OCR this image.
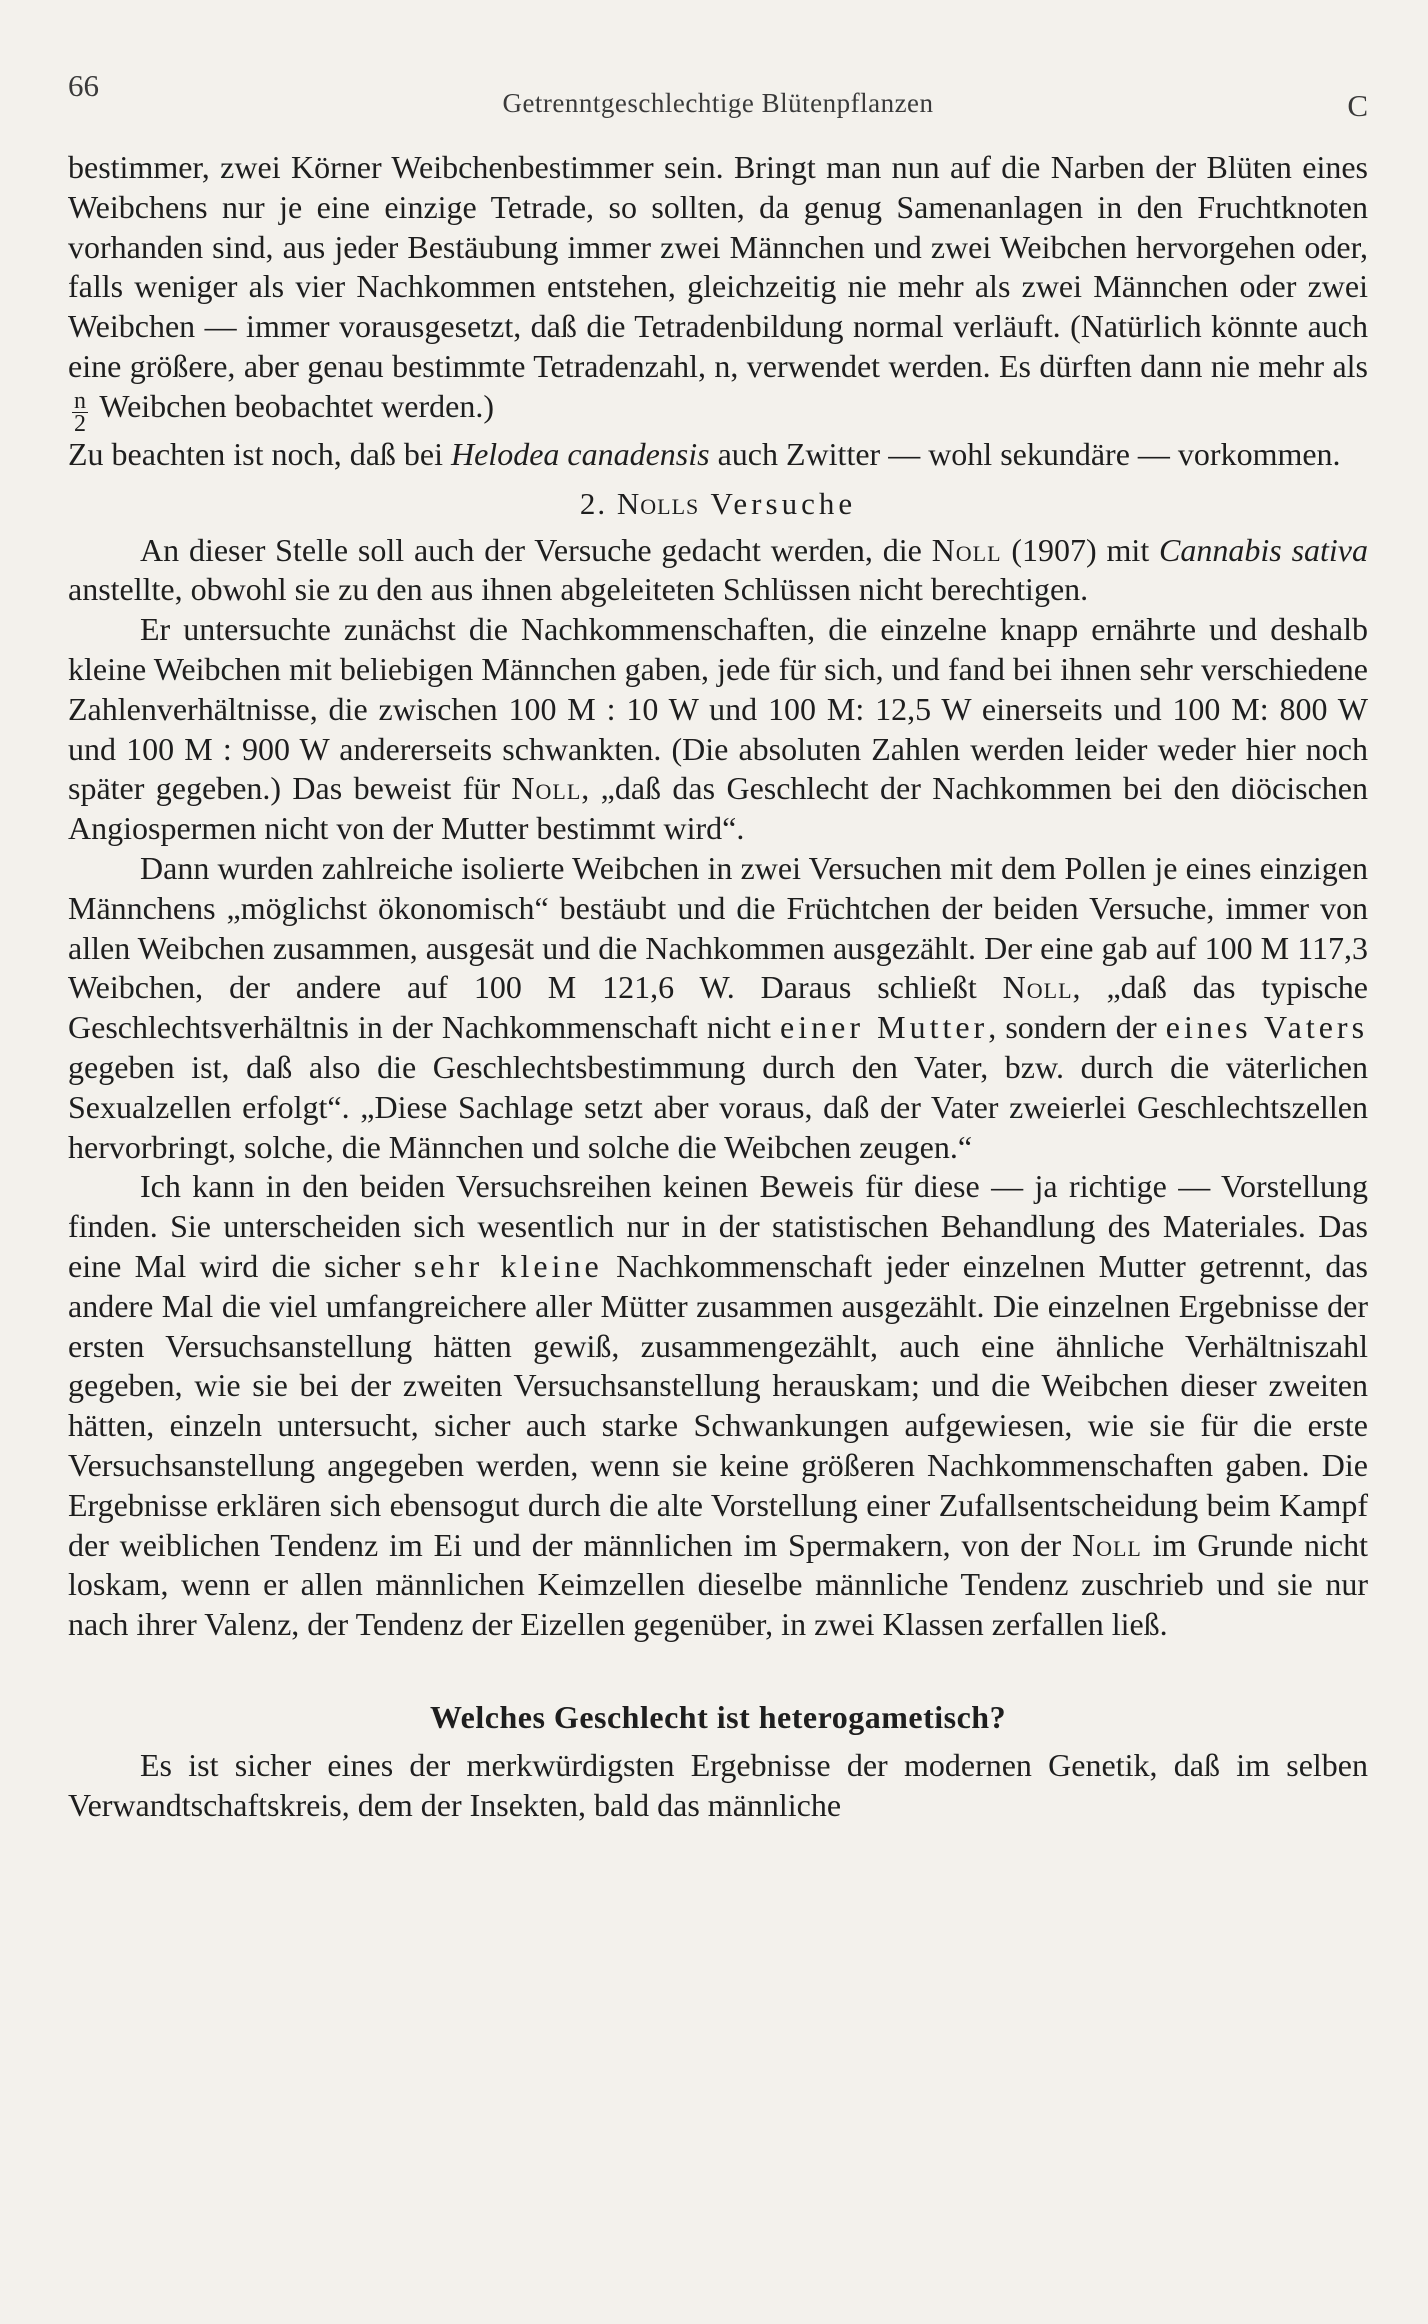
66	Getrenntgeschlechtige Blütenpflanzen	C

bestimmer, zwei Körner Weibchenbestimmer sein. Bringt man nun auf die Narben der Blüten eines Weibchens nur je eine einzige Tetrade, so sollten, da genug Samenanlagen in den Fruchtknoten vorhanden sind, aus jeder Bestäubung immer zwei Männchen und zwei Weibchen hervorgehen oder, falls weniger als vier Nachkommen entstehen, gleichzeitig nie mehr als zwei Männchen oder zwei Weibchen — immer vorausgesetzt, daß die Tetradenbildung normal verläuft. (Natürlich könnte auch eine größere, aber genau bestimmte Tetradenzahl, n, verwendet werden. Es dürften dann nie mehr als
$\frac{n}{2}$ Weibchen beobachtet werden.)

Zu beachten ist noch, daß bei Helodea canadensis auch Zwitter — wohl sekundäre — vorkommen.

2. Nolls Versuche

An dieser Stelle soll auch der Versuche gedacht werden, die Noll (1907) mit Cannabis sativa anstellte, obwohl sie zu den aus ihnen abgeleiteten Schlüssen nicht berechtigen.

Er untersuchte zunächst die Nachkommenschaften, die einzelne knapp ernährte und deshalb kleine Weibchen mit beliebigen Männchen gaben, jede für sich, und fand bei ihnen sehr verschiedene Zahlenverhältnisse, die zwischen 100 M : 10 W und 100 M: 12,5 W einerseits und 100 M: 800 W und 100 M : 900 W andererseits schwankten. (Die absoluten Zahlen werden leider weder hier noch später gegeben.) Das beweist für Noll, „daß das Geschlecht der Nachkommen bei den diöcischen Angiospermen nicht von der Mutter bestimmt wird“.

Dann wurden zahlreiche isolierte Weibchen in zwei Versuchen mit dem Pollen je eines einzigen Männchens „möglichst ökonomisch“ bestäubt und die Früchtchen der beiden Versuche, immer von allen Weibchen zusammen, ausgesät und die Nachkommen ausgezählt. Der eine gab auf 100 M 117,3 Weibchen, der andere auf 100 M 121,6 W. Daraus schließt Noll, „daß das typische Geschlechtsverhältnis in der Nachkommenschaft nicht einer Mutter, sondern der eines Vaters gegeben ist, daß also die Geschlechtsbestimmung durch den Vater, bzw. durch die väterlichen Sexualzellen erfolgt“. „Diese Sachlage setzt aber voraus, daß der Vater zweierlei Geschlechtszellen hervorbringt, solche, die Männchen und solche die Weibchen zeugen.“

Ich kann in den beiden Versuchsreihen keinen Beweis für diese — ja richtige — Vorstellung finden. Sie unterscheiden sich wesentlich nur in der statistischen Behandlung des Materiales. Das eine Mal wird die sicher sehr kleine Nachkommenschaft jeder einzelnen Mutter getrennt, das andere Mal die viel umfangreichere aller Mütter zusammen ausgezählt. Die einzelnen Ergebnisse der ersten Versuchsanstellung hätten gewiß, zusammengezählt, auch eine ähnliche Verhältniszahl gegeben, wie sie bei der zweiten Versuchsanstellung herauskam; und die Weibchen dieser zweiten hätten, einzeln untersucht, sicher auch starke Schwankungen aufgewiesen, wie sie für die erste Versuchsanstellung angegeben werden, wenn sie keine größeren Nachkommenschaften gaben. Die Ergebnisse erklären sich ebensogut durch die alte Vorstellung einer Zufallsentscheidung beim Kampf der weiblichen Tendenz im Ei und der männlichen im Spermakern, von der Noll im Grunde nicht loskam, wenn er allen männlichen Keimzellen dieselbe männliche Tendenz zuschrieb und sie nur nach ihrer Valenz, der Tendenz der Eizellen gegenüber, in zwei Klassen zerfallen ließ.

Welches Geschlecht ist heterogametisch?

Es ist sicher eines der merkwürdigsten Ergebnisse der modernen Genetik, daß im selben Verwandtschaftskreis, dem der Insekten, bald das männliche
